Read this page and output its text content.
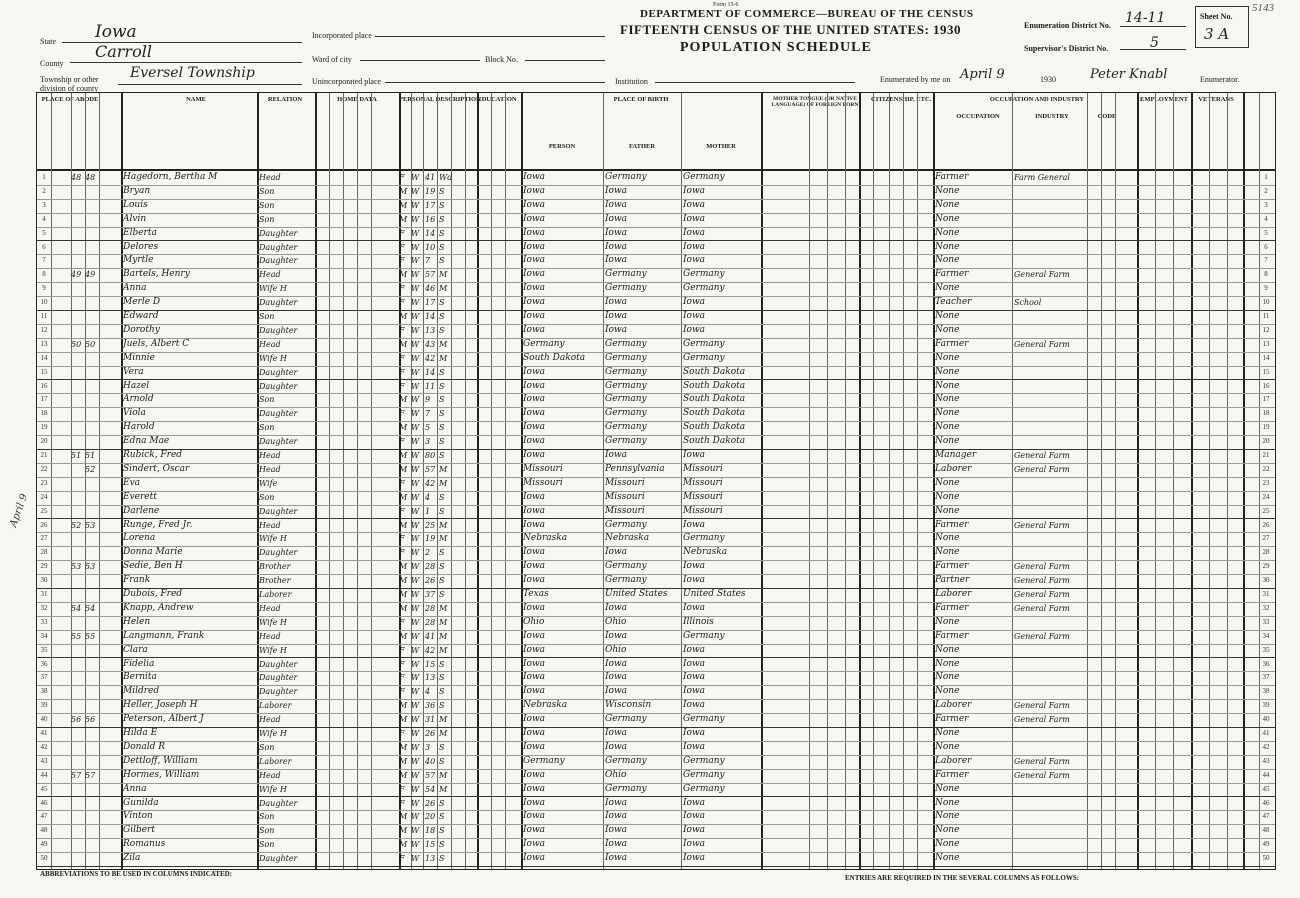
Form 15-6
DEPARTMENT OF COMMERCE—BUREAU OF THE CENSUS
FIFTEENTH CENSUS OF THE UNITED STATES: 1930
POPULATION SCHEDULE
State Iowa
County
Carroll
Township or other division of county
Eversel Township
Incorporated place
Ward of city	Block No.
Unincorporated place	Institution
Enumeration District No. 14-11
Supervisor's District No.	5
Sheet No.
3 A
5143
Enumerated by me on April 9	1930	Peter Knabl	Enumerator.
April 9
PLACE OF ABODE	NAME	RELATION	HOME DATA	PERSONAL DESCRIPTION
EDUCATION	PLACE OF BIRTH	MOTHER TONGUE (OR NATIVE LANGUAGE) OF FOREIGN BORN
CITIZENSHIP, ETC.	OCCUPATION AND INDUSTRY	EMPLOYMENT	VETERANS
PERSON	FATHER	MOTHER
OCCUPATION	INDUSTRY	CODE
1	48 48	Hagedorn, Bertha M	Head	F W 41 Wd	Iowa	Germany	Germany	Farmer	Farm General	1
2	Bryan	Son	M W 19 S	Iowa	Iowa	Iowa	None	2
3	Louis	Son	M W 17 S	Iowa	Iowa	Iowa	None	3
4	Alvin	Son	M W 16 S	Iowa	Iowa	Iowa	None	4
5	Elberta	Daughter	F W 14 S	Iowa	Iowa	Iowa	None	5
6	Delores	Daughter	F W 10 S	Iowa	Iowa	Iowa	None	6
7	Myrtle	Daughter	F W 7	S	Iowa	Iowa	Iowa	None	7
8	49 49	Bartels, Henry	Head	M W 57 M	Iowa	Germany	Germany	Farmer	General Farm	8
9	Anna	Wife H	F W 46 M	Iowa	Germany	Germany	None	9
10	Merle D	Daughter	F W 17 S	Iowa	Iowa	Iowa	Teacher	School	10
11	Edward	Son	M W 14 S	Iowa	Iowa	Iowa	None	11
12	Dorothy	Daughter	F W 13 S	Iowa	Iowa	Iowa	None	12
13	50 50	Juels, Albert C	Head	M W 43 M	Germany	Germany	Germany	Farmer	General Farm	13
14	Minnie	Wife H	F W 42 M	South Dakota	Germany	Germany	None	14
15	Vera	Daughter	F W 14 S	Iowa	Germany	South Dakota	None	15
16	Hazel	Daughter	F W 11 S	Iowa	Germany	South Dakota	None	16
17	Arnold	Son	M W 9	S	Iowa	Germany	South Dakota	None	17
18	Viola	Daughter	F W 7	S	Iowa	Germany	South Dakota	None	18
19	Harold	Son	M W 5	S	Iowa	Germany	South Dakota	None	19
20	Edna Mae	Daughter	F W 3	S	Iowa	Germany	South Dakota	None	20
21	51 51	Rubick, Fred	Head	M W 80 S	Iowa	Iowa	Iowa	Manager	General Farm	21
22	52	Sindert, Oscar	Head	M W 57 M	Missouri	Pennsylvania	Missouri	Laborer	General Farm	22
23	Eva	Wife	F W 42 M	Missouri	Missouri	Missouri	None	23
24	Everett	Son	M W 4	S	Iowa	Missouri	Missouri	None	24
25	Darlene	Daughter	F W 1	S	Iowa	Missouri	Missouri	None	25
26	52 53	Runge, Fred Jr.	Head	M W 25 M	Iowa	Germany	Iowa	Farmer	General Farm	26
27	Lorena	Wife H	F W 19 M	Nebraska	Nebraska	Germany	None	27
28	Donna Marie	Daughter	F W 2	S	Iowa	Iowa	Nebraska	None	28
29	53 53	Sedie, Ben H	Brother	M W 28 S	Iowa	Germany	Iowa	Farmer	General Farm	29
30	Frank	Brother	M W 26 S	Iowa	Germany	Iowa	Partner	General Farm	30
31	Dubois, Fred	Laborer	M W 37 S	Texas	United States	United States	Laborer	General Farm	31
32	54 54	Knapp, Andrew	Head	M W 28 M	Iowa	Iowa	Iowa	Farmer	General Farm	32
33	Helen	Wife H	F W 28 M	Ohio	Ohio	Illinois	None	33
34	55 55	Langmann, Frank	Head	M W 41 M	Iowa	Iowa	Germany	Farmer	General Farm	34
35	Clara	Wife H	F W 42 M	Iowa	Ohio	Iowa	None	35
36	Fidelia	Daughter	F W 15 S	Iowa	Iowa	Iowa	None	36
37	Bernita	Daughter	F W 13 S	Iowa	Iowa	Iowa	None	37
38	Mildred	Daughter	F W 4	S	Iowa	Iowa	Iowa	None	38
39	Heller, Joseph H	Laborer	M W 36 S	Nebraska	Wisconsin	Iowa	Laborer	General Farm	39
40	56 56	Peterson, Albert J	Head	M W 31 M	Iowa	Germany	Germany	Farmer	General Farm	40
41	Hilda E	Wife H	F W 26 M	Iowa	Iowa	Iowa	None	41
42	Donald R	Son	M W 3	S	Iowa	Iowa	Iowa	None	42
43	Dettloff, William	Laborer	M W 40 S	Germany	Germany	Germany	Laborer	General Farm	43
44	57 57	Hormes, William	Head	M W 57 M	Iowa	Ohio	Germany	Farmer	General Farm	44
45	Anna	Wife H	F W 54 M	Iowa	Germany	Germany	None	45
46	Gunilda	Daughter	F W 26 S	Iowa	Iowa	Iowa	None	46
47	Vinton	Son	M W 20 S	Iowa	Iowa	Iowa	None	47
48	Gilbert	Son	M W 18 S	Iowa	Iowa	Iowa	None	48
49	Romanus	Son	M W 15 S	Iowa	Iowa	Iowa	None	49
50	Zila	Daughter	F W 13 S	Iowa	Iowa	Iowa	None	50
ABBREVIATIONS TO BE USED IN COLUMNS INDICATED:	ENTRIES ARE REQUIRED IN THE SEVERAL COLUMNS AS FOLLOWS:
